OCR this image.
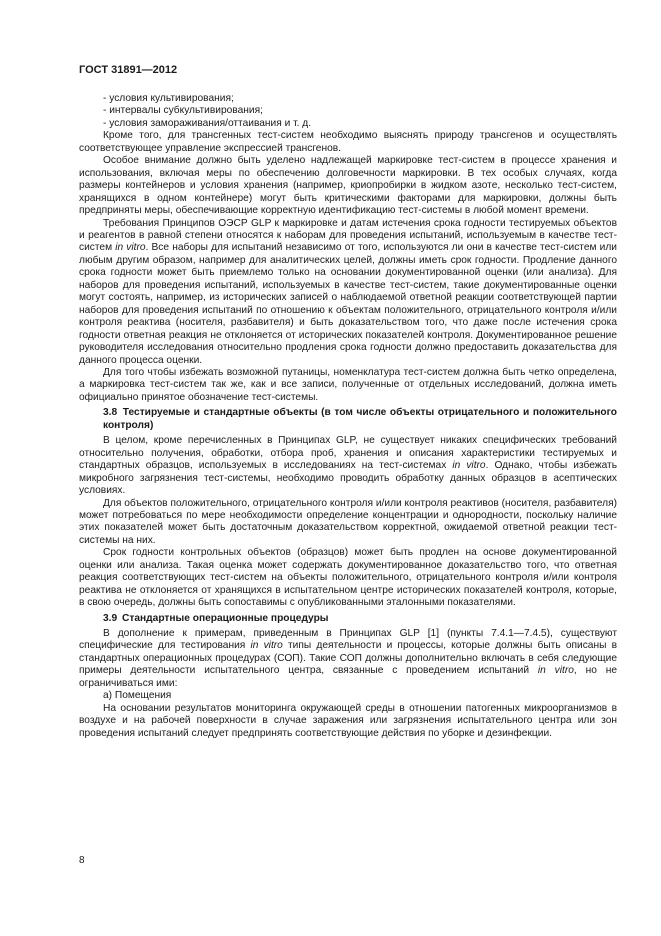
ГОСТ 31891—2012

- условия культивирования;

- интервалы субкультивирования;

- условия замораживания/оттаивания и т. д.

Кроме того, для трансгенных тест-систем необходимо выяснять природу трансгенов и осуществлять соответствующее управление экспрессией трансгенов.

Особое внимание должно быть уделено надлежащей маркировке тест-систем в процессе хранения и использования, включая меры по обеспечению долговечности маркировки. В тех особых случаях, когда размеры контейнеров и условия хранения (например, криопробирки в жидком азоте, несколько тест-систем, хранящихся в одном контейнере) могут быть критическими факторами для маркировки, должны быть предприняты меры, обеспечивающие корректную идентификацию тест-системы в любой момент времени.

Требования Принципов ОЭСР GLP к маркировке и датам истечения срока годности тестируемых объектов и реагентов в равной степени относятся к наборам для проведения испытаний, используемым в качестве тест-систем in vitro. Все наборы для испытаний независимо от того, используются ли они в качестве тест-систем или любым другим образом, например для аналитических целей, должны иметь срок годности. Продление данного срока годности может быть приемлемо только на основании документированной оценки (или анализа). Для наборов для проведения испытаний, используемых в качестве тест-систем, такие документированные оценки могут состоять, например, из исторических записей о наблюдаемой ответной реакции соответствующей партии наборов для проведения испытаний по отношению к объектам положительного, отрицательного контроля и/или контроля реактива (носителя, разбавителя) и быть доказательством того, что даже после истечения срока годности ответная реакция не отклоняется от исторических показателей контроля. Документированное решение руководителя исследования относительно продления срока годности должно предоставить доказательства для данного процесса оценки.

Для того чтобы избежать возможной путаницы, номенклатура тест-систем должна быть четко определена, а маркировка тест-систем так же, как и все записи, полученные от отдельных исследований, должна иметь официально принятое обозначение тест-системы.

3.8 Тестируемые и стандартные объекты (в том числе объекты отрицательного и положительного контроля)

В целом, кроме перечисленных в Принципах GLP, не существует никаких специфических требований относительно получения, обработки, отбора проб, хранения и описания характеристики тестируемых и стандартных образцов, используемых в исследованиях на тест-системах in vitro. Однако, чтобы избежать микробного загрязнения тест-системы, необходимо проводить обработку данных образцов в асептических условиях.

Для объектов положительного, отрицательного контроля и/или контроля реактивов (носителя, разбавителя) может потребоваться по мере необходимости определение концентрации и однородности, поскольку наличие этих показателей может быть достаточным доказательством корректной, ожидаемой ответной реакции тест-системы на них.

Срок годности контрольных объектов (образцов) может быть продлен на основе документированной оценки или анализа. Такая оценка может содержать документированное доказательство того, что ответная реакция соответствующих тест-систем на объекты положительного, отрицательного контроля и/или контроля реактива не отклоняется от хранящихся в испытательном центре исторических показателей контроля, которые, в свою очередь, должны быть сопоставимы с опубликованными эталонными показателями.

3.9 Стандартные операционные процедуры

В дополнение к примерам, приведенным в Принципах GLP [1] (пункты 7.4.1—7.4.5), существуют специфические для тестирования in vitro типы деятельности и процессы, которые должны быть описаны в стандартных операционных процедурах (СОП). Такие СОП должны дополнительно включать в себя следующие примеры деятельности испытательного центра, связанные с проведением испытаний in vitro, но не ограничиваться ими:

а) Помещения

На основании результатов мониторинга окружающей среды в отношении патогенных микроорганизмов в воздухе и на рабочей поверхности в случае заражения или загрязнения испытательного центра или зон проведения испытаний следует предпринять соответствующие действия по уборке и дезинфекции.

8
